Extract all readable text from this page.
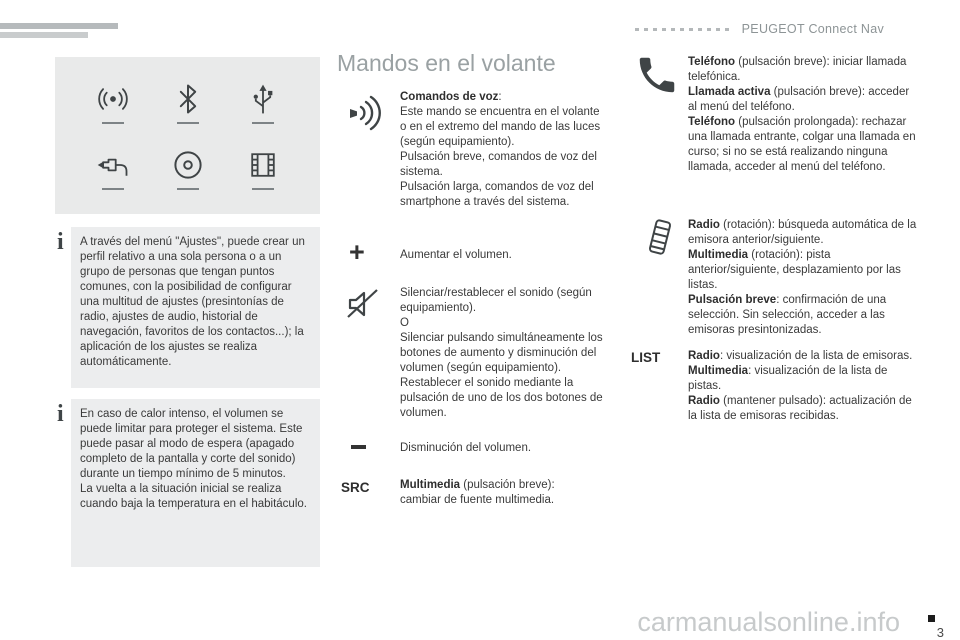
PEUGEOT Connect Nav
i A través del menú "Ajustes", puede crear un perfil relativo a una sola persona o a un grupo de personas que tengan puntos comunes, con la posibilidad de configurar una multitud de ajustes (presintonías de radio, ajustes de audio, historial de navegación, favoritos de los contactos...); la aplicación de los ajustes se realiza automáticamente.

i En caso de calor intenso, el volumen se puede limitar para proteger el sistema. Este puede pasar al modo de espera (apagado completo de la pantalla y corte del sonido) durante un tiempo mínimo de 5 minutos.
La vuelta a la situación inicial se realiza cuando baja la temperatura en el habitáculo.

Mandos en el volante
Comandos de voz:
Este mando se encuentra en el volante o en el extremo del mando de las luces (según equipamiento).
Pulsación breve, comandos de voz del sistema.
Pulsación larga, comandos de voz del smartphone a través del sistema.
+	Aumentar el volumen.
Silenciar/restablecer el sonido (según equipamiento).
O
Silenciar pulsando simultáneamente los botones de aumento y disminución del volumen (según equipamiento).
Restablecer el sonido mediante la pulsación de uno de los dos botones de volumen.
Disminución del volumen.
SRC	Multimedia (pulsación breve):
cambiar de fuente multimedia.
Teléfono (pulsación breve): iniciar llamada telefónica.
Llamada activa (pulsación breve): acceder al menú del teléfono.
Teléfono (pulsación prolongada): rechazar una llamada entrante, colgar una llamada en curso; si no se está realizando ninguna llamada, acceder al menú del teléfono.
Radio (rotación): búsqueda automática de la emisora anterior/siguiente.
Multimedia (rotación): pista anterior/siguiente, desplazamiento por las listas.
Pulsación breve: confirmación de una selección. Sin selección, acceder a las emisoras presintonizadas.
LIST Radio: visualización de la lista de emisoras.
Multimedia: visualización de la lista de pistas.
Radio (mantener pulsado): actualización de la lista de emisoras recibidas.
carmanualsonline.info	3
